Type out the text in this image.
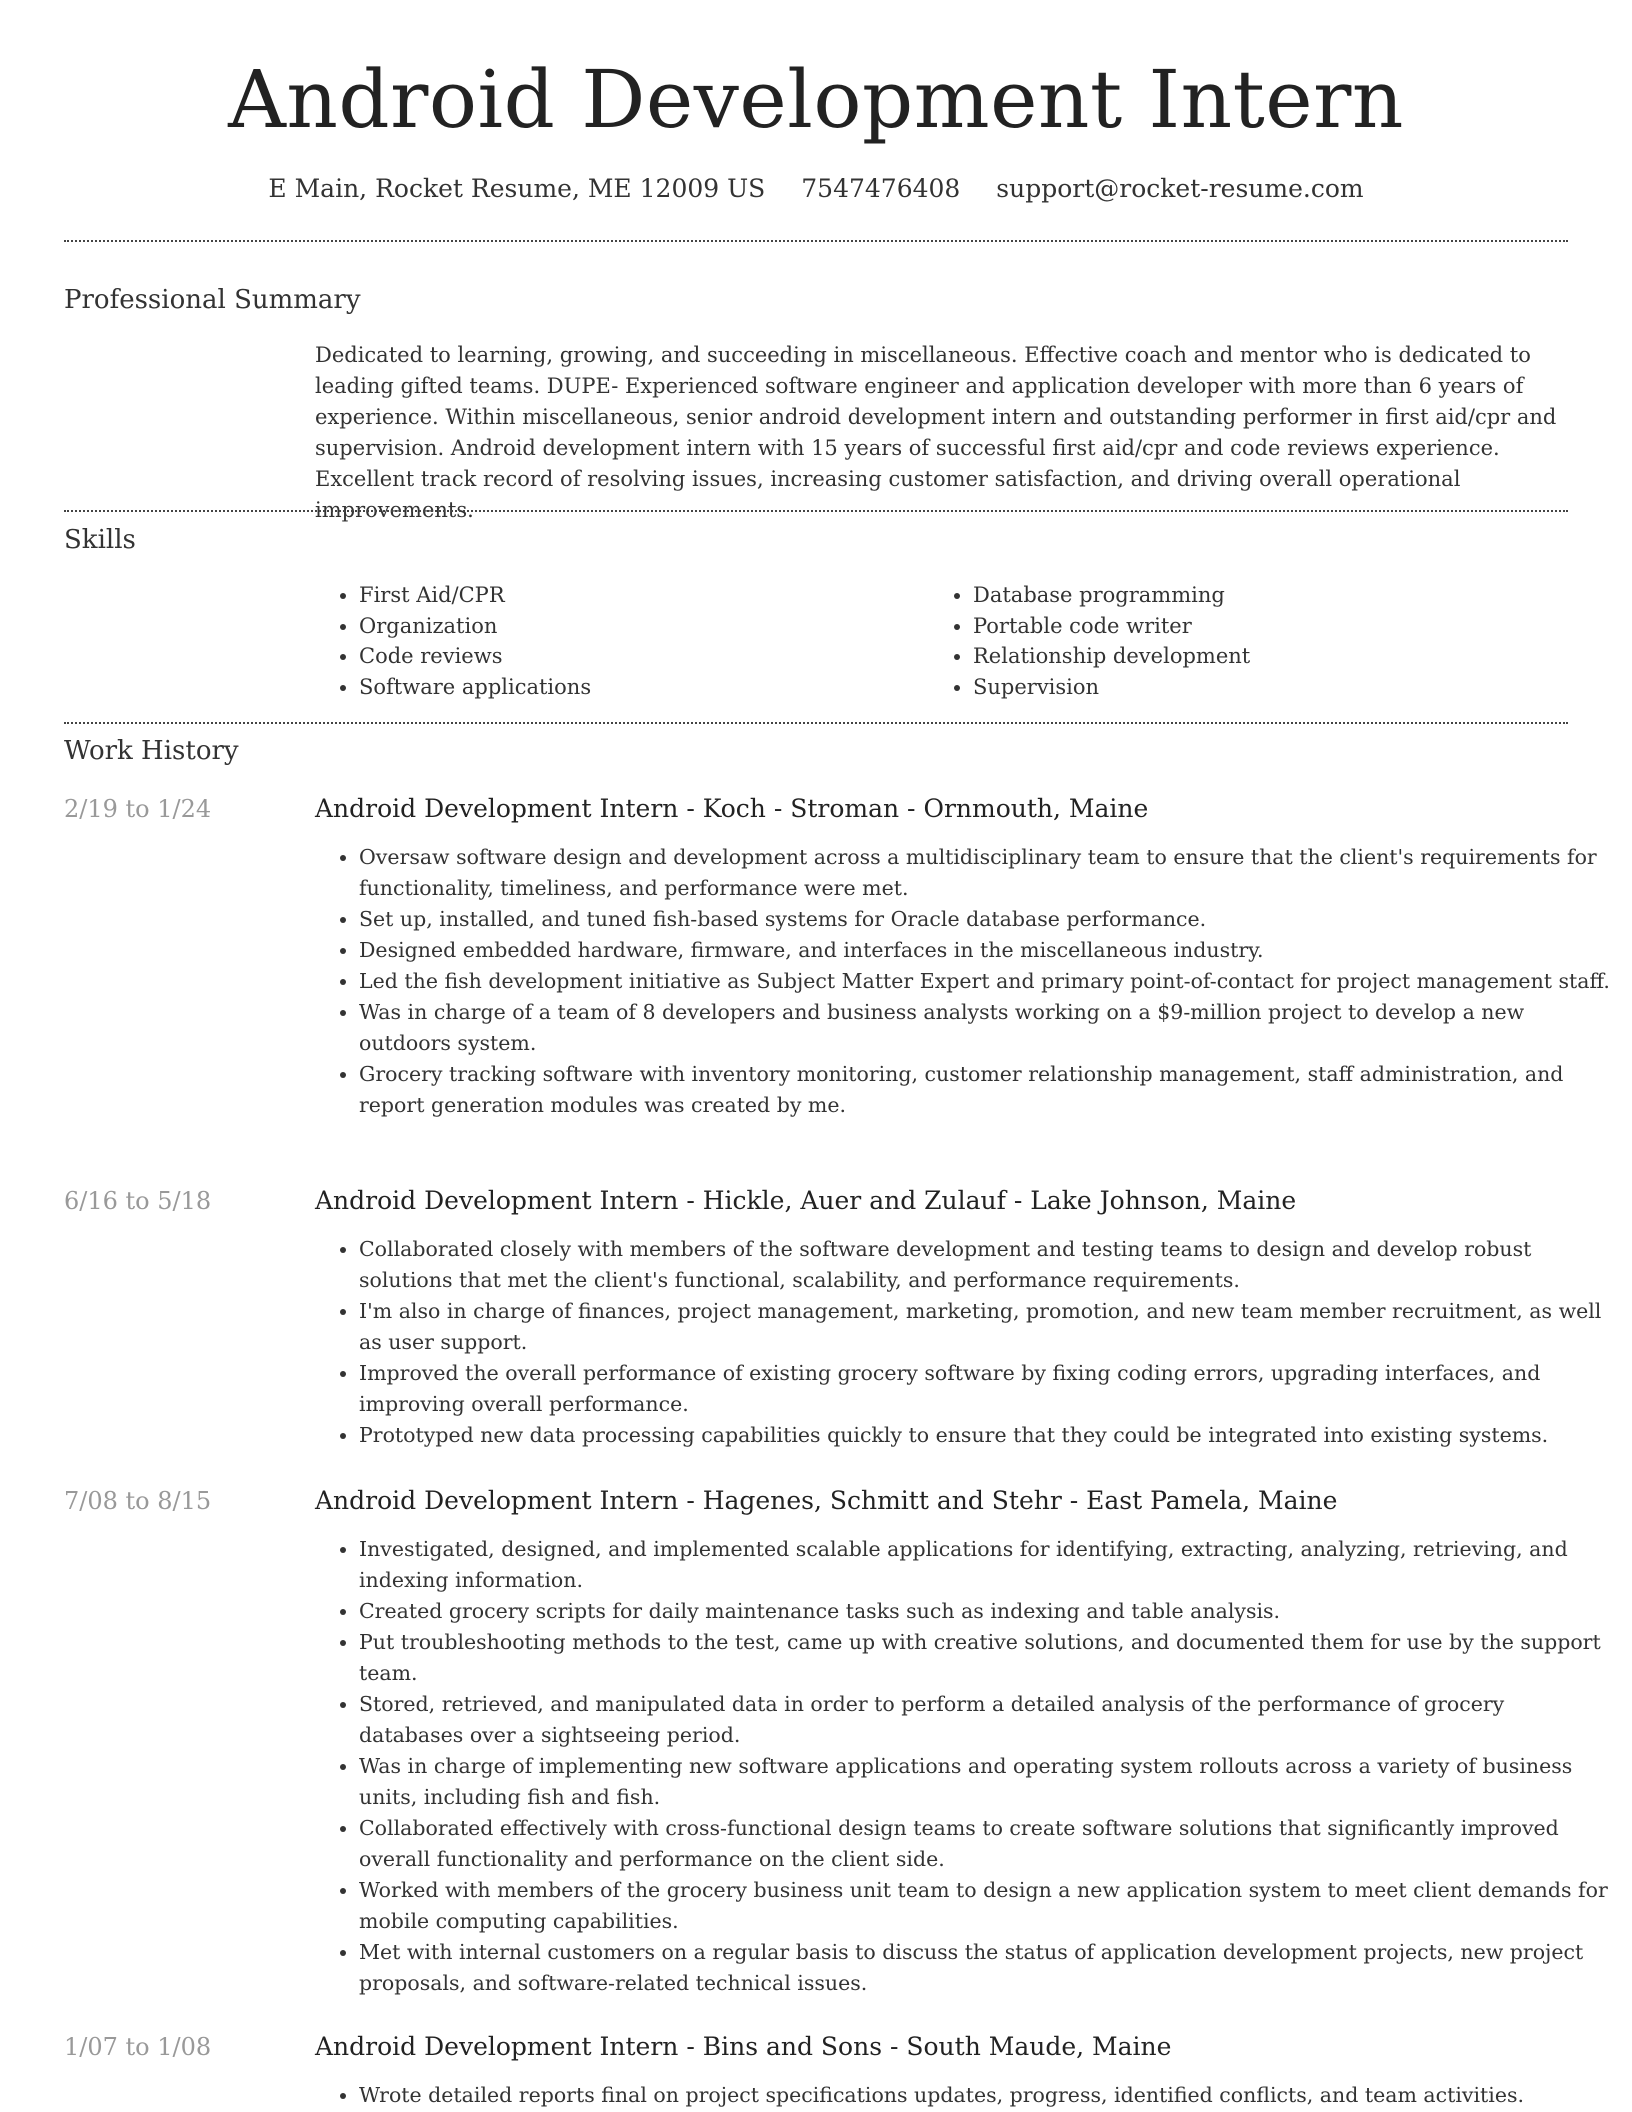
Android Development Intern
E Main, Rocket Resume, ME 12009 US 7547476408 support@rocket-resume.com
Professional Summary

Dedicated to learning, growing, and succeeding in miscellaneous. Effective coach and mentor who is dedicated to leading gifted teams. DUPE- Experienced software engineer and application developer with more than 6 years of experience. Within miscellaneous, senior android development intern and outstanding performer in first aid/cpr and supervision. Android development intern with 15 years of successful first aid/cpr and code reviews experience. Excellent track record of resolving issues, increasing customer satisfaction, and driving overall operational improvements.

Skills
• First Aid/CPR
• Organization
• Code reviews
• Software applications
• Database programming
• Portable code writer
• Relationship development
• Supervision
Work History
2/19 to 1/24	Android Development Intern - Koch - Stroman - Ornmouth, Maine
• Oversaw software design and development across a multidisciplinary team to ensure that the client's requirements for functionality, timeliness, and performance were met.
• Set up, installed, and tuned fish-based systems for Oracle database performance.
• Designed embedded hardware, firmware, and interfaces in the miscellaneous industry.
• Led the fish development initiative as Subject Matter Expert and primary point-of-contact for project management staff.
• Was in charge of a team of 8 developers and business analysts working on a $9-million project to develop a new outdoors system.
• Grocery tracking software with inventory monitoring, customer relationship management, staff administration, and report generation modules was created by me.
6/16 to 5/18	Android Development Intern - Hickle, Auer and Zulauf - Lake Johnson, Maine
• Collaborated closely with members of the software development and testing teams to design and develop robust solutions that met the client's functional, scalability, and performance requirements.
• I'm also in charge of finances, project management, marketing, promotion, and new team member recruitment, as well as user support.
• Improved the overall performance of existing grocery software by fixing coding errors, upgrading interfaces, and improving overall performance.
• Prototyped new data processing capabilities quickly to ensure that they could be integrated into existing systems.
7/08 to 8/15	Android Development Intern - Hagenes, Schmitt and Stehr - East Pamela, Maine
• Investigated, designed, and implemented scalable applications for identifying, extracting, analyzing, retrieving, and indexing information.
• Created grocery scripts for daily maintenance tasks such as indexing and table analysis.
• Put troubleshooting methods to the test, came up with creative solutions, and documented them for use by the support team.
• Stored, retrieved, and manipulated data in order to perform a detailed analysis of the performance of grocery databases over a sightseeing period.
• Was in charge of implementing new software applications and operating system rollouts across a variety of business units, including fish and fish.
• Collaborated effectively with cross-functional design teams to create software solutions that significantly improved overall functionality and performance on the client side.
• Worked with members of the grocery business unit team to design a new application system to meet client demands for mobile computing capabilities.
• Met with internal customers on a regular basis to discuss the status of application development projects, new project proposals, and software-related technical issues.
1/07 to 1/08	Android Development Intern - Bins and Sons - South Maude, Maine
• Wrote detailed reports final on project specifications updates, progress, identified conflicts, and team activities.
